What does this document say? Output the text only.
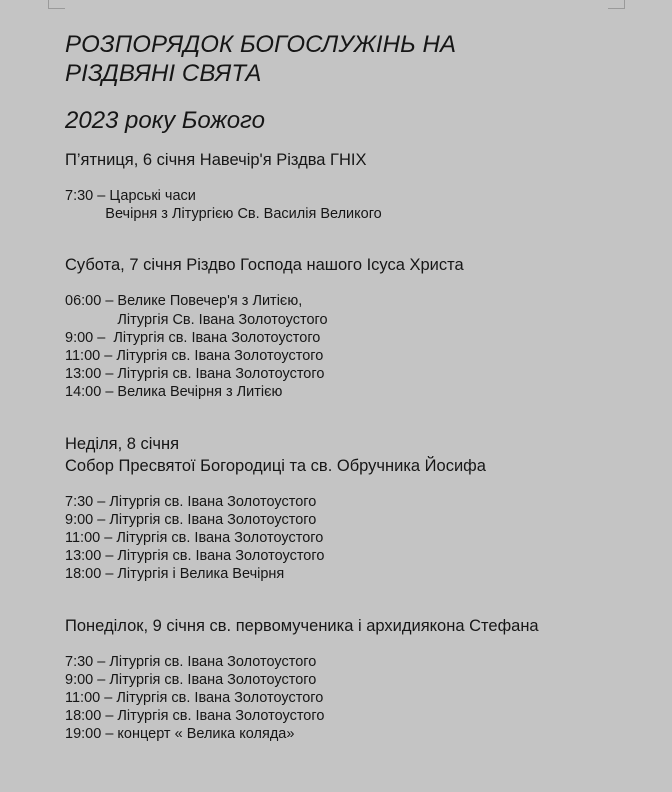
РОЗПОРЯДОК БОГОСЛУЖІНЬ НА
РІЗДВЯНІ СВЯТА
2023 року Божого
П’ятниця, 6 січня Навечір'я Різдва ГНІХ
7:30 – Царські часи
Вечірня з Літургією Св. Василія Великого
Субота, 7 січня Різдво Господа нашого Ісуса Христа
06:00 – Велике Повечер'я з Литією,
Літургія Св. Івана Золотоустого
9:00 –  Літургія св. Івана Золотоустого
11:00 – Літургія св. Івана Золотоустого
13:00 – Літургія св. Івана Золотоустого
14:00 – Велика Вечірня з Литією
Неділя, 8 січня
Собор Пресвятої Богородиці та св. Обручника Йосифа
7:30 – Літургія св. Івана Золотоустого
9:00 – Літургія св. Івана Золотоустого
11:00 – Літургія св. Івана Золотоустого
13:00 – Літургія св. Івана Золотоустого
18:00 – Літургія і Велика Вечірня
Понеділок, 9 січня св. первомученика і архидиякона Стефана
7:30 – Літургія св. Івана Золотоустого
9:00 – Літургія св. Івана Золотоустого
11:00 – Літургія св. Івана Золотоустого
18:00 – Літургія св. Івана Золотоустого
19:00 – концерт « Велика коляда»
